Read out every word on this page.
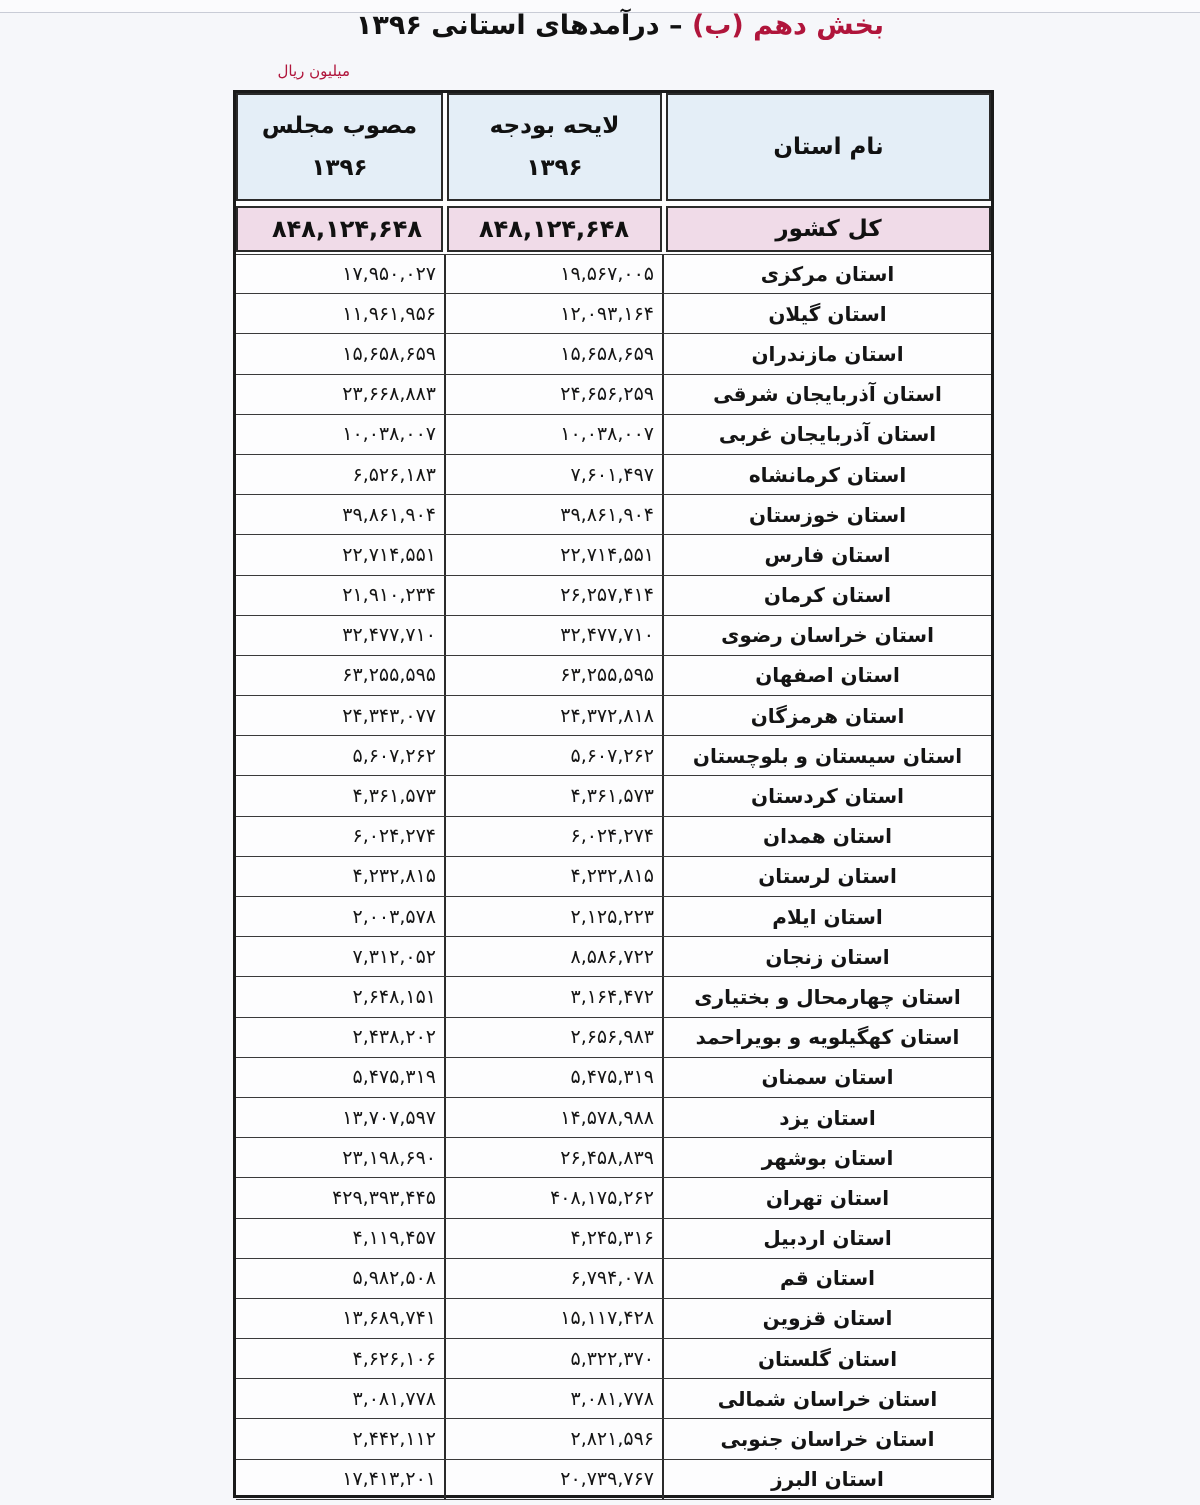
بخش دهم (ب) – درآمدهای استانی ۱۳۹۶
میلیون ریال
نام استان
لایحه بودجه
۱۳۹۶
مصوب مجلس
۱۳۹۶
کل کشور
۸۴۸,۱۲۴,۶۴۸
۸۴۸,۱۲۴,۶۴۸
استان مرکزی
۱۹,۵۶۷,۰۰۵
۱۷,۹۵۰,۰۲۷
استان گیلان
۱۲,۰۹۳,۱۶۴
۱۱,۹۶۱,۹۵۶
استان مازندران
۱۵,۶۵۸,۶۵۹
۱۵,۶۵۸,۶۵۹
استان آذربایجان شرقی
۲۴,۶۵۶,۲۵۹
۲۳,۶۶۸,۸۸۳
استان آذربایجان غربی
۱۰,۰۳۸,۰۰۷
۱۰,۰۳۸,۰۰۷
استان کرمانشاه
۷,۶۰۱,۴۹۷
۶,۵۲۶,۱۸۳
استان خوزستان
۳۹,۸۶۱,۹۰۴
۳۹,۸۶۱,۹۰۴
استان فارس
۲۲,۷۱۴,۵۵۱
۲۲,۷۱۴,۵۵۱
استان کرمان
۲۶,۲۵۷,۴۱۴
۲۱,۹۱۰,۲۳۴
استان خراسان رضوی
۳۲,۴۷۷,۷۱۰
۳۲,۴۷۷,۷۱۰
استان اصفهان
۶۳,۲۵۵,۵۹۵
۶۳,۲۵۵,۵۹۵
استان هرمزگان
۲۴,۳۷۲,۸۱۸
۲۴,۳۴۳,۰۷۷
استان سیستان و بلوچستان
۵,۶۰۷,۲۶۲
۵,۶۰۷,۲۶۲
استان کردستان
۴,۳۶۱,۵۷۳
۴,۳۶۱,۵۷۳
استان همدان
۶,۰۲۴,۲۷۴
۶,۰۲۴,۲۷۴
استان لرستان
۴,۲۳۲,۸۱۵
۴,۲۳۲,۸۱۵
استان ایلام
۲,۱۲۵,۲۲۳
۲,۰۰۳,۵۷۸
استان زنجان
۸,۵۸۶,۷۲۲
۷,۳۱۲,۰۵۲
استان چهارمحال و بختیاری
۳,۱۶۴,۴۷۲
۲,۶۴۸,۱۵۱
استان کهگیلویه و بویراحمد
۲,۶۵۶,۹۸۳
۲,۴۳۸,۲۰۲
استان سمنان
۵,۴۷۵,۳۱۹
۵,۴۷۵,۳۱۹
استان یزد
۱۴,۵۷۸,۹۸۸
۱۳,۷۰۷,۵۹۷
استان بوشهر
۲۶,۴۵۸,۸۳۹
۲۳,۱۹۸,۶۹۰
استان تهران
۴۰۸,۱۷۵,۲۶۲
۴۲۹,۳۹۳,۴۴۵
استان اردبیل
۴,۲۴۵,۳۱۶
۴,۱۱۹,۴۵۷
استان قم
۶,۷۹۴,۰۷۸
۵,۹۸۲,۵۰۸
استان قزوین
۱۵,۱۱۷,۴۲۸
۱۳,۶۸۹,۷۴۱
استان گلستان
۵,۳۲۲,۳۷۰
۴,۶۲۶,۱۰۶
استان خراسان شمالی
۳,۰۸۱,۷۷۸
۳,۰۸۱,۷۷۸
استان خراسان جنوبی
۲,۸۲۱,۵۹۶
۲,۴۴۲,۱۱۲
استان البرز
۲۰,۷۳۹,۷۶۷
۱۷,۴۱۳,۲۰۱
